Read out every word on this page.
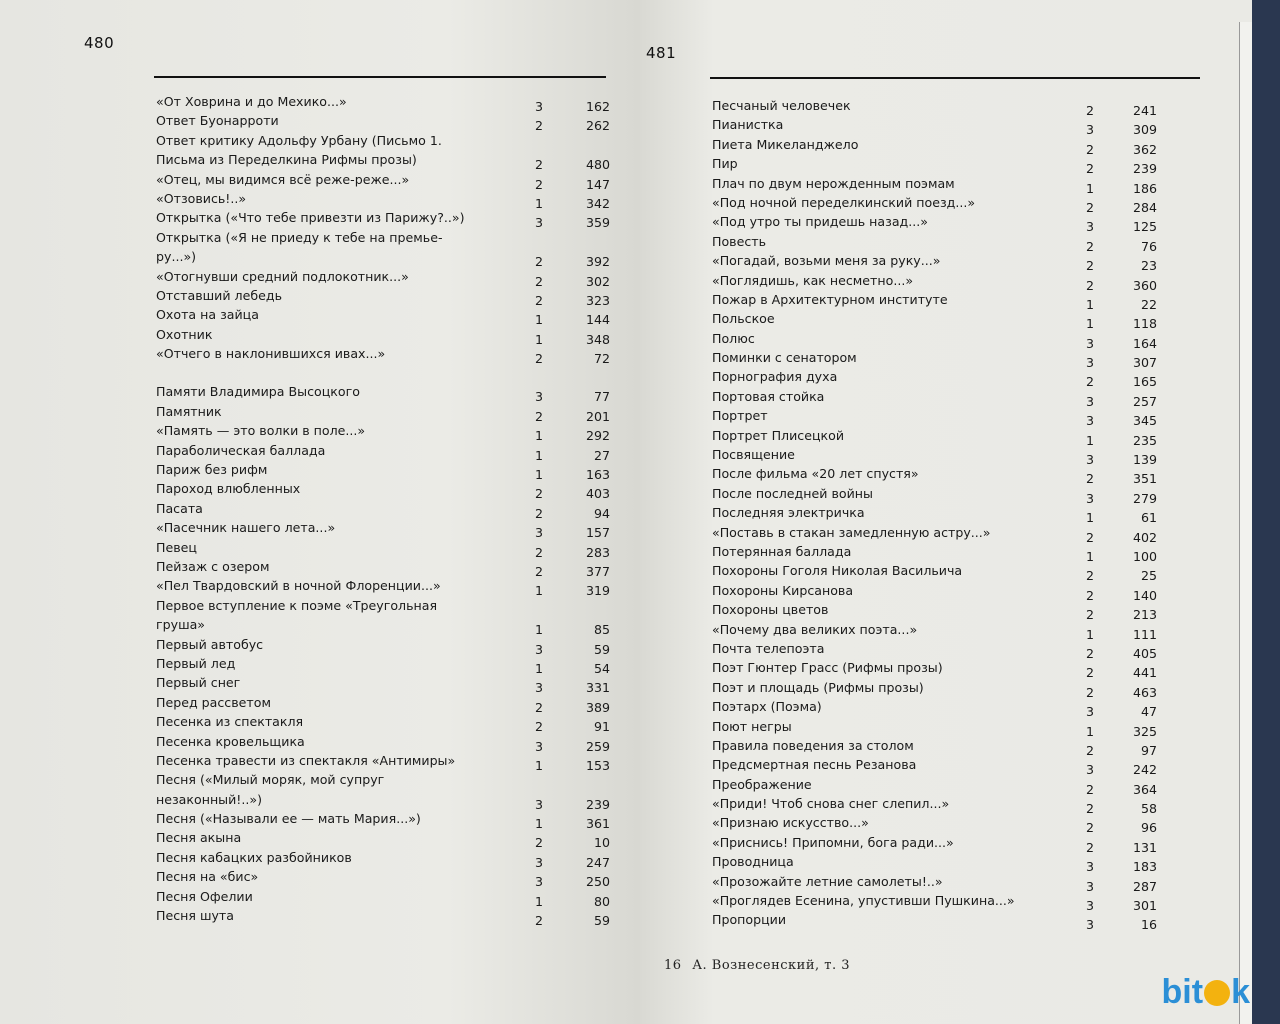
480
«От Ховрина и до Мехико...»	3	162
Ответ Буонарроти	2	262
Ответ критику Адольфу Урбану (Письмо 1.
Письма из Переделкина Рифмы прозы)	2	480
«Отец, мы видимся всё реже-реже...»	2	147
«Отзовись!..»	1	342
Открытка («Что тебе привезти из Парижу?..»)	3	359
Открытка («Я не приеду к тебе на премье-
ру...»)	2	392
«Отогнувши средний подлокотник...»	2	302
Отставший лебедь	2	323
Охота на зайца	1	144
Охотник	1	348
«Отчего в наклонившихся ивах...»	2	72
Памяти Владимира Высоцкого	3	77
Памятник	2	201
«Память — это волки в поле...»	1	292
Параболическая баллада	1	27
Париж без рифм	1	163
Пароход влюбленных	2	403
Пасата	2	94
«Пасечник нашего лета...»	3	157
Певец	2	283
Пейзаж с озером	2	377
«Пел Твардовский в ночной Флоренции...»	1	319
Первое вступление к поэме «Треугольная
груша»	1	85
Первый автобус	3	59
Первый лед	1	54
Первый снег	3	331
Перед рассветом	2	389
Песенка из спектакля	2	91
Песенка кровельщика	3	259
Песенка травести из спектакля «Антимиры»	1	153
Песня («Милый моряк, мой супруг
незаконный!..»)	3	239
Песня («Называли ее — мать Мария...»)	1	361
Песня акына	2	10
Песня кабацких разбойников	3	247
Песня на «бис»	3	250
Песня Офелии	1	80
Песня шута	2	59
481
Песчаный человечек	2	241
Пианистка	3	309
Пиета Микеланджело	2	362
Пир	2	239
Плач по двум нерожденным поэмам	1	186
«Под ночной переделкинский поезд...»	2	284
«Под утро ты придешь назад...»	3	125
Повесть	2	76
«Погадай, возьми меня за руку...»	2	23
«Поглядишь, как несметно...»	2	360
Пожар в Архитектурном институте	1	22
Польское	1	118
Полюс	3	164
Поминки с сенатором	3	307
Порнография духа	2	165
Портовая стойка	3	257
Портрет	3	345
Портрет Плисецкой	1	235
Посвящение	3	139
После фильма «20 лет спустя»	2	351
После последней войны	3	279
Последняя электричка	1	61
«Поставь в стакан замедленную астру...»	2	402
Потерянная баллада	1	100
Похороны Гоголя Николая Васильича	2	25
Похороны Кирсанова	2	140
Похороны цветов	2	213
«Почему два великих поэта...»	1	111
Почта телепоэта	2	405
Поэт Гюнтер Грасс (Рифмы прозы)	2	441
Поэт и площадь (Рифмы прозы)	2	463
Поэтарх (Поэма)	3	47
Поют негры	1	325
Правила поведения за столом	2	97
Предсмертная песнь Резанова	3	242
Преображение	2	364
«Приди! Чтоб снова снег слепил...»	2	58
«Признаю искусство...»	2	96
«Приснись! Припомни, бога ради...»	2	131
Проводница	3	183
«Прозожайте летние самолеты!..»	3	287
«Проглядев Есенина, упустивши Пушкина...»	3	301
Пропорции	3	16
16 А. Вознесенский, т. 3
bit k
